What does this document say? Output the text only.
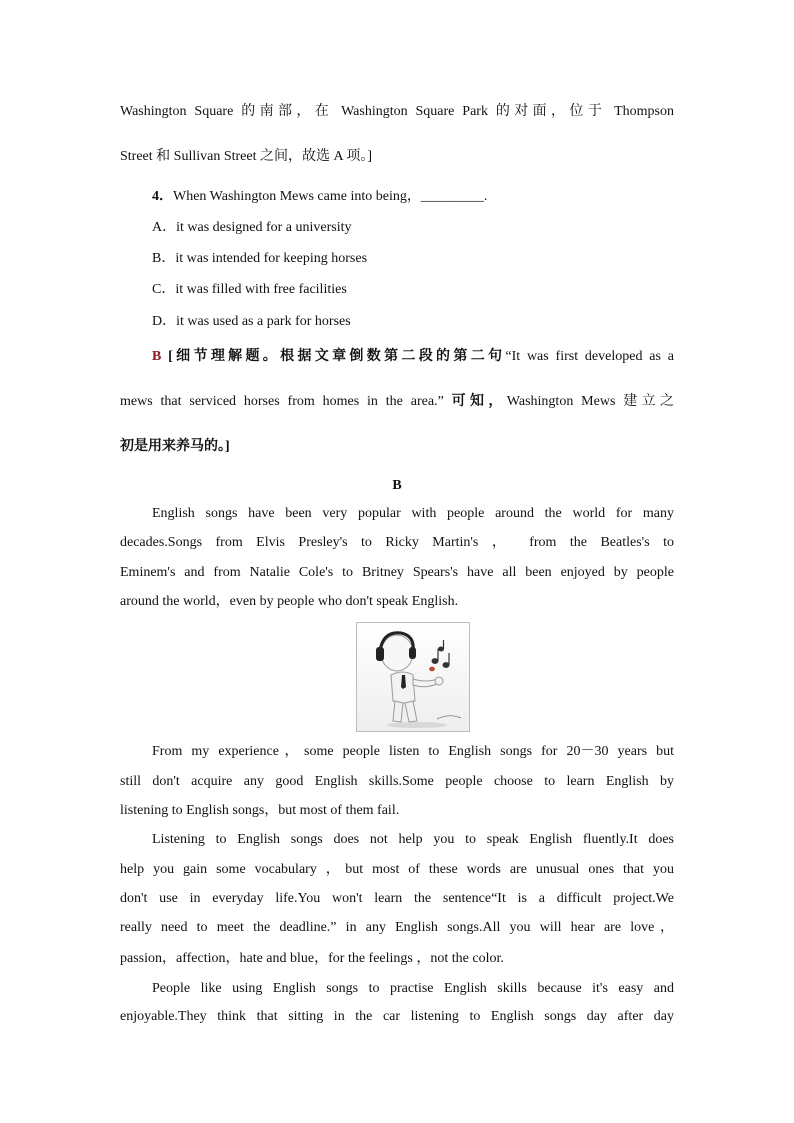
Washington Square 的南部，在 Washington Square Park 的对面，位于 Thompson
Street 和 Sullivan Street 之间，故选 A 项。]
4．When Washington Mews came into being，_________.
A．it was designed for a university
B．it was intended for keeping horses
C．it was filled with free facilities
D．it was used as a park for horses
B [细节理解题。根据文章倒数第二段的第二句“It was first developed as a
mews that serviced horses from homes in the area.” 可知，Washington Mews 建立之
初是用来养马的。]
B
English songs have been very popular with people around the world for many
decades.Songs from Elvis Presley's to Ricky Martin's ， from the Beatles's to
Eminem's and from Natalie Cole's to Britney Spears's have all been enjoyed by people
around the world，even by people who don't speak English.
From my experience，some people listen to English songs for 20－30 years but
still don't acquire any good English skills.Some people choose to learn English by
listening to English songs，but most of them fail.
Listening to English songs does not help you to speak English fluently.It does
help you gain some vocabulary ，but most of these words are unusual ones that you
don't use in everyday life.You won't learn the sentence“It is a difficult project.We
really need to meet the deadline.” in any English songs.All you will hear are love，
passion，affection，hate and blue，for the feelings ，not the color.
People like using English songs to practise English skills because it's easy and
enjoyable.They think that sitting in the car listening to English songs day after day
